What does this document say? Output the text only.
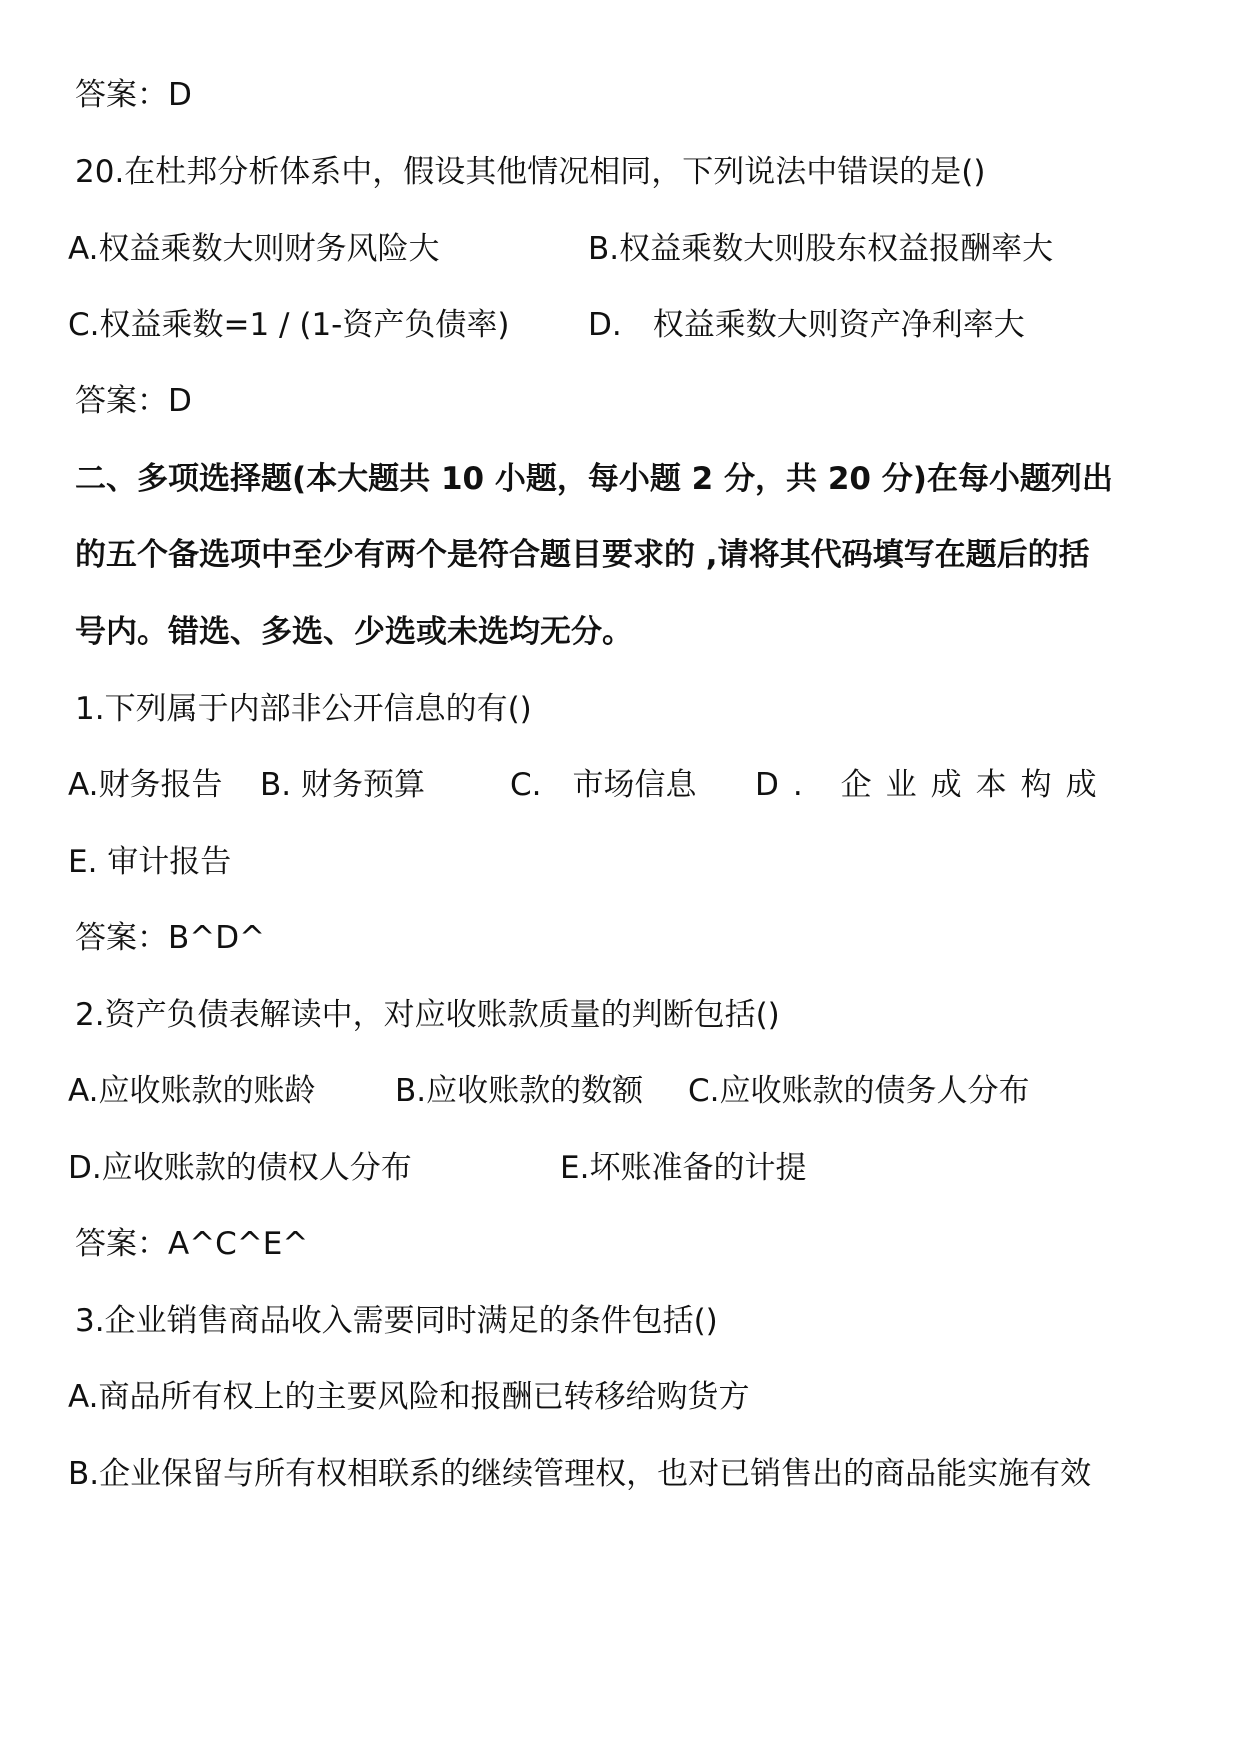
答案：D
20.在杜邦分析体系中，假设其他情况相同，下列说法中错误的是()
A.权益乘数大则财务风险大	B.权益乘数大则股东权益报酬率大
C.权益乘数=1 / (1-资产负债率)	D.　权益乘数大则资产净利率大
答案：D
二、多项选择题(本大题共 10 小题，每小题 2 分，共 20 分)在每小题列出
的五个备选项中至少有两个是符合题目要求的 ,请将其代码填写在题后的括
号内。错选、多选、少选或未选均无分。
1.下列属于内部非公开信息的有()
A.财务报告 B. 财务预算	C.　市场信息 D. 企业成本构成
E. 审计报告
答案：B^D^
2.资产负债表解读中，对应收账款质量的判断包括()
A.应收账款的账龄	B.应收账款的数额 C.应收账款的债务人分布
D.应收账款的债权人分布	E.坏账准备的计提
答案：A^C^E^
3.企业销售商品收入需要同时满足的条件包括()
A.商品所有权上的主要风险和报酬已转移给购货方
B.企业保留与所有权相联系的继续管理权，也对已销售出的商品能实施有效
